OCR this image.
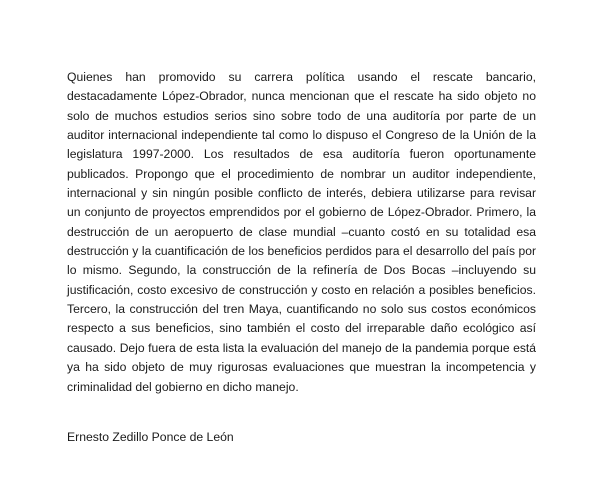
Quienes han promovido su carrera política usando el rescate bancario,
destacadamente López-Obrador, nunca mencionan que el rescate ha sido objeto no
solo de muchos estudios serios sino sobre todo de una auditoría por parte de un
auditor internacional independiente tal como lo dispuso el Congreso de la Unión de la
legislatura 1997-2000. Los resultados de esa auditoría fueron oportunamente
publicados. Propongo que el procedimiento de nombrar un auditor independiente,
internacional y sin ningún posible conflicto de interés, debiera utilizarse para revisar
un conjunto de proyectos emprendidos por el gobierno de López-Obrador. Primero, la
destrucción de un aeropuerto de clase mundial –cuanto costó en su totalidad esa
destrucción y la cuantificación de los beneficios perdidos para el desarrollo del país por
lo mismo. Segundo, la construcción de la refinería de Dos Bocas –incluyendo su
justificación, costo excesivo de construcción y costo en relación a posibles beneficios.
Tercero, la construcción del tren Maya, cuantificando no solo sus costos económicos
respecto a sus beneficios, sino también el costo del irreparable daño ecológico así
causado. Dejo fuera de esta lista la evaluación del manejo de la pandemia porque está
ya ha sido objeto de muy rigurosas evaluaciones que muestran la incompetencia y
criminalidad del gobierno en dicho manejo.
Ernesto Zedillo Ponce de León
